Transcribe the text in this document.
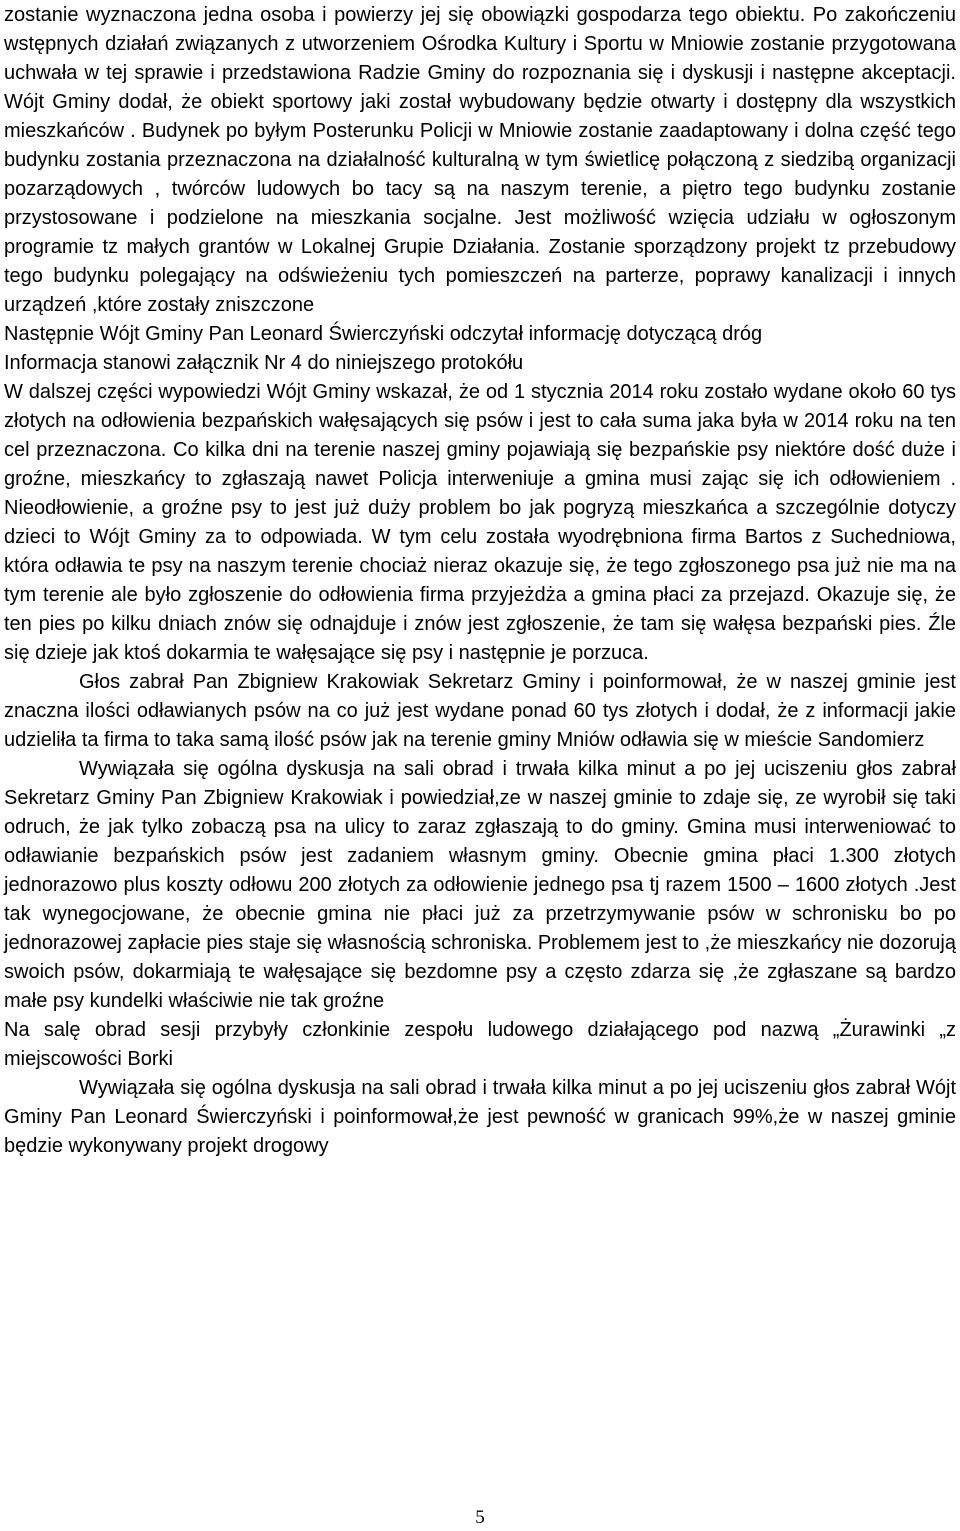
zostanie wyznaczona jedna osoba i powierzy jej się obowiązki gospodarza tego obiektu. Po zakończeniu wstępnych działań związanych z utworzeniem Ośrodka Kultury i Sportu w Mniowie zostanie przygotowana uchwała w tej sprawie i przedstawiona Radzie Gminy do rozpoznania się i dyskusji i następne akceptacji. Wójt Gminy dodał, że obiekt sportowy jaki został wybudowany będzie otwarty i dostępny dla wszystkich mieszkańców . Budynek po byłym Posterunku Policji w Mniowie zostanie zaadaptowany i dolna część tego budynku zostania przeznaczona na działalność kulturalną w tym świetlicę połączoną z siedzibą organizacji pozarządowych , twórców ludowych bo tacy są na naszym terenie, a piętro tego budynku zostanie przystosowane i podzielone na mieszkania socjalne. Jest możliwość wzięcia udziału w ogłoszonym programie tz małych grantów w Lokalnej Grupie Działania. Zostanie sporządzony projekt tz przebudowy tego budynku polegający na odświeżeniu tych pomieszczeń na parterze, poprawy kanalizacji i innych urządzeń ,które zostały zniszczone

Następnie Wójt Gminy Pan Leonard Świerczyński odczytał informację dotyczącą dróg

Informacja stanowi załącznik Nr 4 do niniejszego protokółu

W dalszej części wypowiedzi Wójt Gminy wskazał, że od 1 stycznia 2014 roku zostało wydane około 60 tys złotych na odłowienia bezpańskich wałęsających się psów i jest to cała suma jaka była w 2014 roku na ten cel przeznaczona. Co kilka dni na terenie naszej gminy pojawiają się bezpańskie psy niektóre dość duże i groźne, mieszkańcy to zgłaszają nawet Policja interweniuje a gmina musi zając się ich odłowieniem . Nieodłowienie, a groźne psy to jest już duży problem bo jak pogryzą mieszkańca a szczególnie dotyczy dzieci to Wójt Gminy za to odpowiada. W tym celu została wyodrębniona firma Bartos z Suchedniowa, która odławia te psy na naszym terenie chociaż nieraz okazuje się, że tego zgłoszonego psa już nie ma na tym terenie ale było zgłoszenie do odłowienia firma przyjeżdża a gmina płaci za przejazd. Okazuje się, że ten pies po kilku dniach znów się odnajduje i znów jest zgłoszenie, że tam się wałęsa bezpański pies. Źle się dzieje jak ktoś dokarmia te wałęsające się psy i następnie je porzuca.

Głos zabrał Pan Zbigniew Krakowiak Sekretarz Gminy i poinformował, że w naszej gminie jest znaczna ilości odławianych psów na co już jest wydane ponad 60 tys złotych i dodał, że z informacji jakie udzieliła ta firma to taka samą ilość psów jak na terenie gminy Mniów odławia się w mieście Sandomierz

Wywiązała się ogólna dyskusja na sali obrad i trwała kilka minut a po jej uciszeniu głos zabrał Sekretarz Gminy Pan Zbigniew Krakowiak i powiedział,ze w naszej gminie to zdaje się, ze wyrobił się taki odruch, że jak tylko zobaczą psa na ulicy to zaraz zgłaszają to do gminy. Gmina musi interweniować to odławianie bezpańskich psów jest zadaniem własnym gminy. Obecnie gmina płaci 1.300 złotych jednorazowo plus koszty odłowu 200 złotych za odłowienie jednego psa tj razem 1500 – 1600 złotych .Jest tak wynegocjowane, że obecnie gmina nie płaci już za przetrzymywanie psów w schronisku bo po jednorazowej zapłacie pies staje się własnością schroniska. Problemem jest to ,że mieszkańcy nie dozorują swoich psów, dokarmiają te wałęsające się bezdomne psy a często zdarza się ,że zgłaszane są bardzo małe psy kundelki właściwie nie tak groźne

Na salę obrad sesji przybyły członkinie zespołu ludowego działającego pod nazwą „Żurawinki „z miejscowości Borki

Wywiązała się ogólna dyskusja na sali obrad i trwała kilka minut a po jej uciszeniu głos zabrał Wójt Gminy Pan Leonard Świerczyński i poinformował,że jest pewność w granicach 99%,że w naszej gminie będzie wykonywany projekt drogowy

5
